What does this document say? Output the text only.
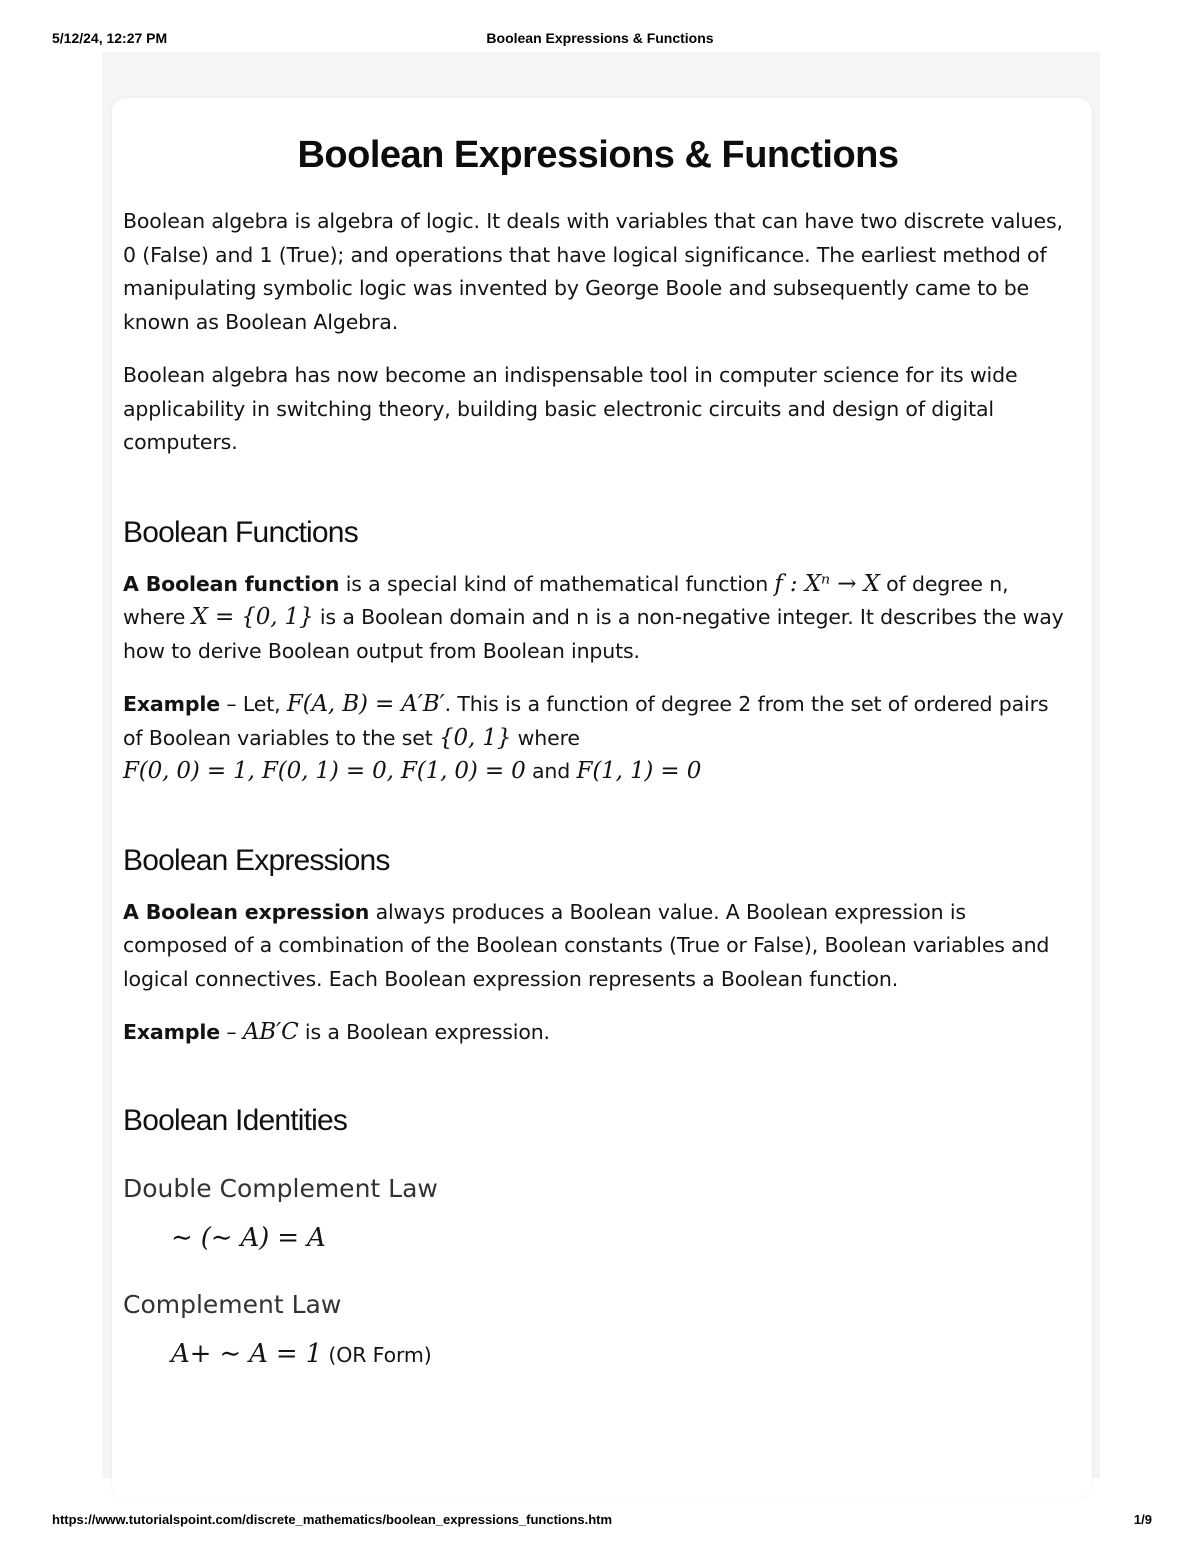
5/12/24, 12:27 PM	Boolean Expressions & Functions
Boolean Expressions & Functions

Boolean algebra is algebra of logic. It deals with variables that can have two discrete values, 0 (False) and 1 (True); and operations that have logical significance. The earliest method of manipulating symbolic logic was invented by George Boole and subsequently came to be known as Boolean Algebra.

Boolean algebra has now become an indispensable tool in computer science for its wide applicability in switching theory, building basic electronic circuits and design of digital computers.

Boolean Functions

A Boolean function is a special kind of mathematical function f : Xⁿ → X of degree n, where X = {0, 1} is a Boolean domain and n is a non-negative integer. It describes the way how to derive Boolean output from Boolean inputs.

Example – Let, F(A, B) = A′B′. This is a function of degree 2 from the set of ordered pairs of Boolean variables to the set {0, 1} where
F(0, 0) = 1, F(0, 1) = 0, F(1, 0) = 0 and F(1, 1) = 0

Boolean Expressions

A Boolean expression always produces a Boolean value. A Boolean expression is composed of a combination of the Boolean constants (True or False), Boolean variables and logical connectives. Each Boolean expression represents a Boolean function.

Example – AB′C is a Boolean expression.

Boolean Identities
Double Complement Law

∼ (∼ A) = A

Complement Law

A+ ∼ A = 1 (OR Form)

https://www.tutorialspoint.com/discrete_mathematics/boolean_expressions_functions.htm	1/9
